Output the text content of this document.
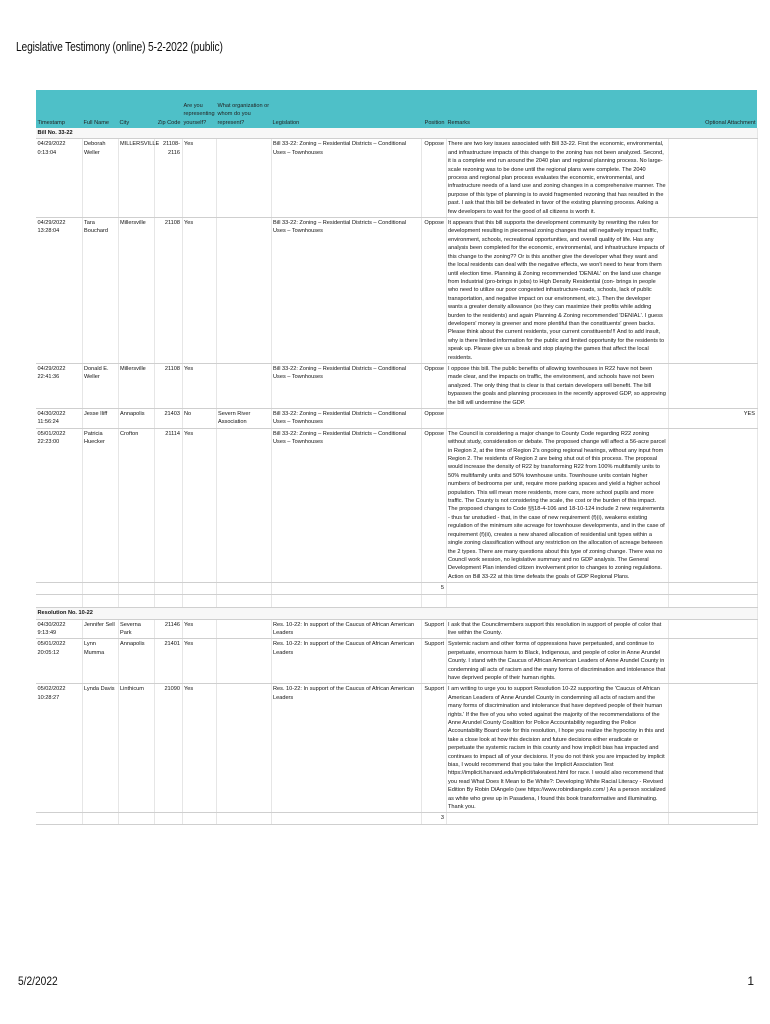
Legislative Testimony (online) 5-2-2022 (public)
Timestamp	Full Name	City	Zip Code	Are you representing yourself?	What organization or whom do you represent?	Legislation	Position	Remarks	Optional Attachment
Bill No. 33-22									
04/29/2022 0:13:04	Deborah Weller	MILLERSVILLE	21108-2116	Yes		Bill 33-22: Zoning – Residential Districts – Conditional Uses – Townhouses	Oppose	There are two key issues associated with Bill 33-22. First the economic, environmental, and infrastructure impacts of this change to the zoning has not been analyzed. Second, it is a complete end run around the 2040 plan and regional planning process. No large-scale rezoning was to be done until the regional plans were complete. The 2040 process and regional plan process evaluates the economic, environmental, and infrastructure needs of a land use and zoning changes in a comprehensive manner. The purpose of this type of planning is to avoid fragmented rezoning that has resulted in the past. I ask that this bill be defeated in favor of the existing planning process. Asking a few developers to wait for the good of all citizens is worth it.	
04/29/2022 13:28:04	Tara Bouchard	Millersville	21108	Yes		Bill 33-22: Zoning – Residential Districts – Conditional Uses – Townhouses	Oppose	It appears that this bill supports the development community by rewriting the rules for development resulting in piecemeal zoning changes that will negatively impact traffic, environment, schools, recreational opportunities, and overall quality of life. Has any analysis been completed for the economic, environmental, and infrastructure impacts of this change to the zoning?? Or is this another give the developer what they want and the local residents can deal with the negative effects, we won't need to hear from them until election time. Planning & Zoning recommended 'DENIAL' on the land use change from Industrial (pro-brings in jobs) to High Density Residential (con- brings in people who need to utilize our poor congested infrastructure-roads, schools, lack of public transportation, and negative impact on our environment, etc.). Then the developer wants a greater density allowance (so they can maximize their profits while adding burden to the residents) and again Planning & Zoning recommended 'DENIAL'. I guess developers' money is greener and more plentiful than the constituents' green backs. Please think about the current residents, your current constituents!!! And to add insult, why is there limited information for the public and limited opportunity for the residents to speak up. Please give us a break and stop playing the games that affect the local residents.	
04/29/2022 22:41:36	Donald E. Weller	Millersville	21108	Yes		Bill 33-22: Zoning – Residential Districts – Conditional Uses – Townhouses	Oppose	I oppose this bill. The public benefits of allowing townhouses in R22 have not been made clear, and the impacts on traffic, the environment, and schools have not been analyzed. The only thing that is clear is that certain developers will benefit. The bill bypasses the goals and planning processes in the recently approved GDP, so approving the bill will undermine the GDP.	
04/30/2022 11:56:24	Jesse Iliff	Annapolis	21403	No	Severn River Association	Bill 33-22: Zoning – Residential Districts – Conditional Uses – Townhouses	Oppose		YES
05/01/2022 22:23:00	Patricia Huecker	Crofton	21114	Yes		Bill 33-22: Zoning – Residential Districts – Conditional Uses – Townhouses	Oppose	The Council is considering a major change to County Code regarding R22 zoning without study, consideration or debate. The proposed change will affect a 56-acre parcel in Region 2, at the time of Region 2's ongoing regional hearings, without any input from Region 2. The residents of Region 2 are being shut out of this process. The proposal would increase the density of R22 by transforming R22 from 100% multifamily units to 50% multifamily units and 50% townhouse units. Townhouse units contain higher numbers of bedrooms per unit, require more parking spaces and yield a higher school population. This will mean more residents, more cars, more school pupils and more traffic. The County is not considering the scale, the cost or the burden of this impact. The proposed changes to Code §§18-4-106 and 18-10-124 include 2 new requirements - thus far unstudied - that, in the case of new requirement (f)(i), weakens existing regulation of the minimum site acreage for townhouse developments, and in the case of requirement (f)(ii), creates a new shared allocation of residential unit types within a single zoning classification without any restriction on the allocation of acreage between the 2 types. There are many questions about this type of zoning change. There was no Council work session, no legislative summary and no GDP analysis. The General Development Plan intended citizen involvement prior to changes to zoning regulations. Action on Bill 33-22 at this time defeats the goals of GDP Regional Plans.	
							5		

Resolution No. 10-22									
04/30/2022 9:13:49	Jennifer Sell	Severna Park	21146	Yes		Res. 10-22: In support of the Caucus of African American Leaders	Support	I ask that the Councilmembers support this resolution in support of people of color that live within the County.	
05/01/2022 20:05:12	Lynn Mumma	Annapolis	21401	Yes		Res. 10-22: In support of the Caucus of African American Leaders	Support	Systemic racism and other forms of oppressions have perpetuated, and continue to perpetuate, enormous harm to Black, Indigenous, and people of color in Anne Arundel County. I stand with the Caucus of African American Leaders of Anne Arundel County in condemning all acts of racism and the many forms of discrimination and intolerance that have deprived people of their human rights.	
05/02/2022 10:28:27	Lynda Davis	Linthicum	21090	Yes		Res. 10-22: In support of the Caucus of African American Leaders	Support	I am writing to urge you to support Resolution 10-22 supporting the 'Caucus of African American Leaders of Anne Arundel County in condemning all acts of racism and the many forms of discrimination and intolerance that have deprived people of their human rights.' If the five of you who voted against the majority of the recommendations of the Anne Arundel County Coalition for Police Accountability regarding the Police Accountability Board vote for this resolution, I hope you realize the hypocrisy in this and take a close look at how this decision and future decisions either eradicate or perpetuate the systemic racism in this county and how implicit bias has impacted and continues to impact all of your decisions. If you do not think you are impacted by implicit bias, I would recommend that you take the Implicit Association Test https://implicit.harvard.edu/implicit/takeatest.html for race. I would also recommend that you read What Does It Mean to Be White?: Developing White Racial Literacy - Revised Edition By Robin DiAngelo (see https://www.robindiangelo.com/ ) As a person socialized as white who grew up in Pasadena, I found this book transformative and illuminating. Thank you.	
							3		
5/2/2022	1
